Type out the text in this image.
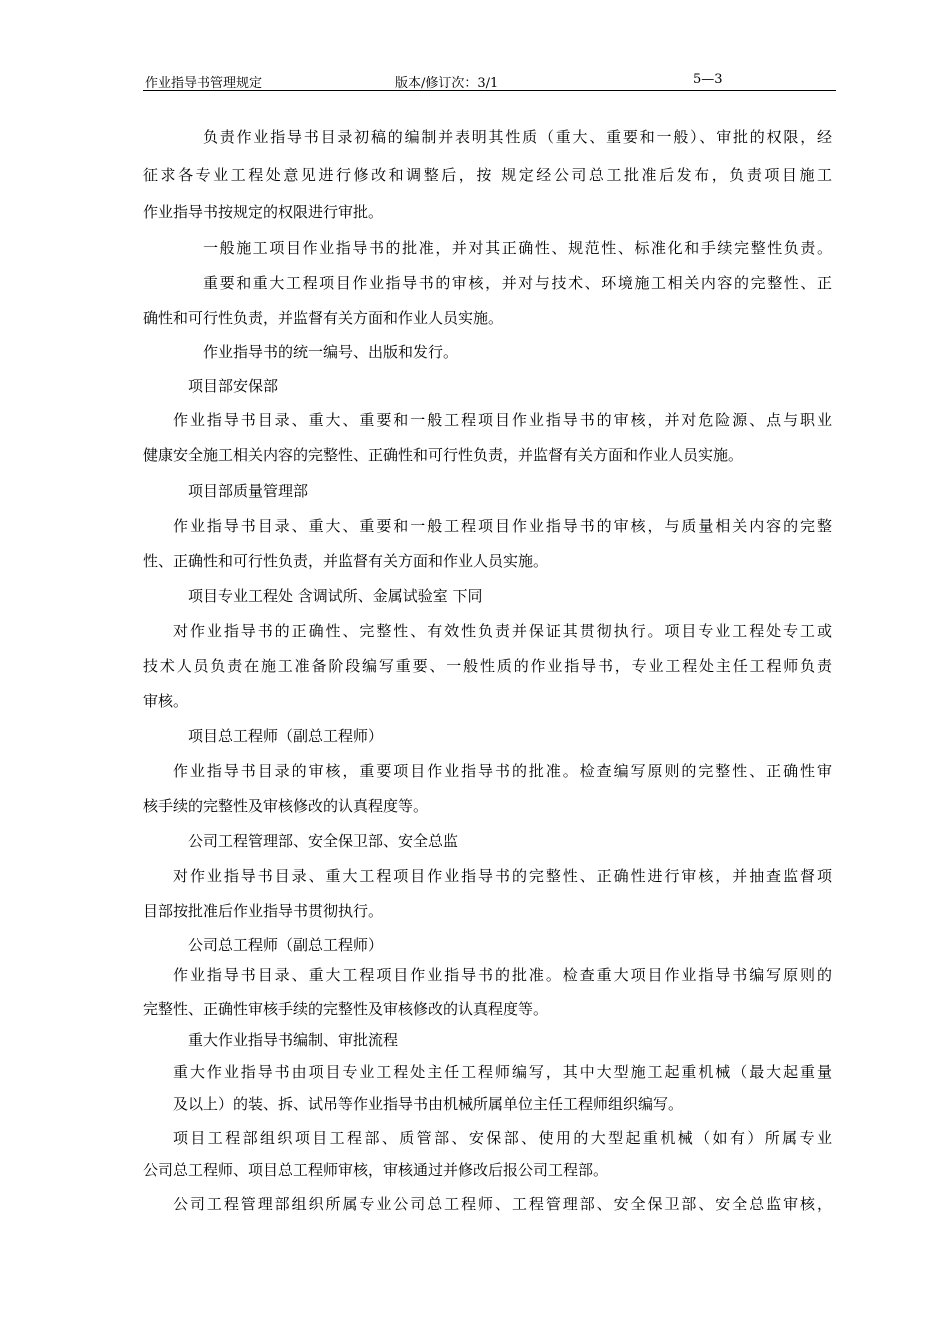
作业指导书管理规定	版本/修订次：3/1	5—3
负责作业指导书目录初稿的编制并表明其性质（重大、重要和一般）、审批的权限，经
征求各专业工程处意见进行修改和调整后，按 规定经公司总工批准后发布，负责项目施工
作业指导书按规定的权限进行审批。
一般施工项目作业指导书的批准，并对其正确性、规范性、标准化和手续完整性负责。
重要和重大工程项目作业指导书的审核，并对与技术、环境施工相关内容的完整性、正
确性和可行性负责，并监督有关方面和作业人员实施。
作业指导书的统一编号、出版和发行。
项目部安保部
作业指导书目录、重大、重要和一般工程项目作业指导书的审核，并对危险源、点与职业
健康安全施工相关内容的完整性、正确性和可行性负责，并监督有关方面和作业人员实施。
项目部质量管理部
作业指导书目录、重大、重要和一般工程项目作业指导书的审核，与质量相关内容的完整
性、正确性和可行性负责，并监督有关方面和作业人员实施。
项目专业工程处 含调试所、金属试验室 下同
对作业指导书的正确性、完整性、有效性负责并保证其贯彻执行。项目专业工程处专工或
技术人员负责在施工准备阶段编写重要、一般性质的作业指导书，专业工程处主任工程师负责
审核。
项目总工程师（副总工程师）
作业指导书目录的审核，重要项目作业指导书的批准。检查编写原则的完整性、正确性审
核手续的完整性及审核修改的认真程度等。
公司工程管理部、安全保卫部、安全总监
对作业指导书目录、重大工程项目作业指导书的完整性、正确性进行审核，并抽查监督项
目部按批准后作业指导书贯彻执行。
公司总工程师（副总工程师）
作业指导书目录、重大工程项目作业指导书的批准。检查重大项目作业指导书编写原则的
完整性、正确性审核手续的完整性及审核修改的认真程度等。
重大作业指导书编制、审批流程
重大作业指导书由项目专业工程处主任工程师编写，其中大型施工起重机械（最大起重量
及以上）的装、拆、试吊等作业指导书由机械所属单位主任工程师组织编写。
项目工程部组织项目工程部、质管部、安保部、使用的大型起重机械（如有）所属专业
公司总工程师、项目总工程师审核，审核通过并修改后报公司工程部。
公司工程管理部组织所属专业公司总工程师、工程管理部、安全保卫部、安全总监审核，
